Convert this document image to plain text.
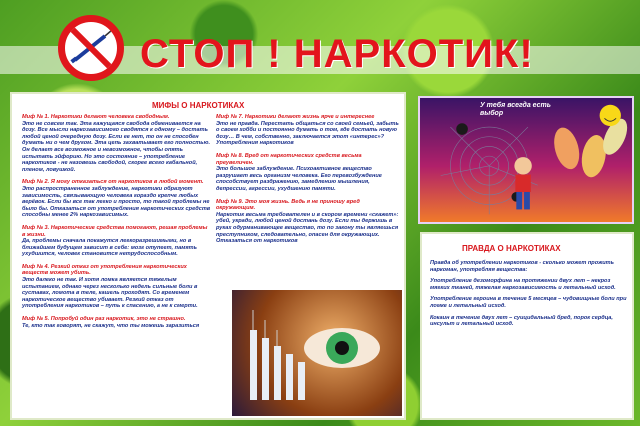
СТОП ! НАРКОТИК!
МИФЫ О НАРКОТИКАХ
Миф № 1. Наркотики делают человека свободным.
Это не совсем так. Эта кажущаяся свобода обменивается на дозу. Все мысли наркозависимого сводятся к одному – достать любой ценой очередную дозу. Если ее нет, то он не способен думать ни о чем другом. Эта цепь захватывает его полностью. Он делает все возможное и невозможное, чтобы опять испытать эйфорию. Но это состояние – употребление наркотиков - не назовешь свободой, скорее всего кабальной, пленом, ловушкой.
Миф № 2. Я могу отказаться от наркотиков в любой момент.
Это распространенное заблуждение, наркотики образуют зависимость, связывающую человека гораздо крепче любых верёвок. Если бы все так легко и просто, то такой проблемы не было бы. Отказаться от употребления наркотических средств способны менее 2% наркозависимых.
Миф № 3. Наркотические средства помогают, решая проблемы в жизни.
Да, проблемы сначала покажутся легкоразрешимыми, но в ближайшем будущем зависит в себе: мозг отупеет, память ухудшится, человек становится нетрудоспособным.
Миф № 4. Резкий отказ от употребления наркотических веществ может убить.
Это далеко не так. И хотя ломка является тяжелым испытанием, однако через несколько недель сильные боли в суставах, ломота в теле, кашель проходят. Со временем наркотическое вещество убивает. Резкий отказ от употребления наркотиков – путь к спасению, а не к смерти.
Миф № 5. Попробуй один раз наркотик, это не страшно.
Те, кто так говорят, не скажут, что ты можешь заразиться
Миф № 7. Наркотики делают жизнь ярче и интереснее
Это не правда. Перестать общаться со своей семьей, забыть о своем хобби и постоянно думать о том, где достать новую дозу… В чем, собственно, заключается этот «интерес»? Употребления наркотиков
Миф № 8. Вред от наркотических средств весьма преувеличен.
Это большое заблуждение. Психоактивное вещество разрушает весь организм человека. Его перевозбуждение способствует раздражению, замедлению мышления, депрессии, агрессии, ухудшению памяти.
Миф № 9. Это моя жизнь. Ведь я не приношу вред окружающим.
Наркотик весьма требователен и в скором времени «скажет»: убей, укради, любой ценой достань дозу. Если ты держишь в руках одурманивающее вещество, то по закону ты являешься преступником, следовательно, опасен для окружающих. Отказаться от наркотиков
У тебя всегда есть выбор
ПРАВДА О НАРКОТИКАХ

Правда об употреблении наркотиков - сколько может прожить наркоман, употребляя вещества:

Употребление дезоморфина на протяжении двух лет – некроз мягких тканей, тяжелая наркозависимость и летальный исход.

Употребление героина в течение 5 месяцев – чудовищные боли при ломке и летальный исход.

Кокаин в течение двух лет – суицидальный бред, порок сердца, инсульт и летальный исход.
